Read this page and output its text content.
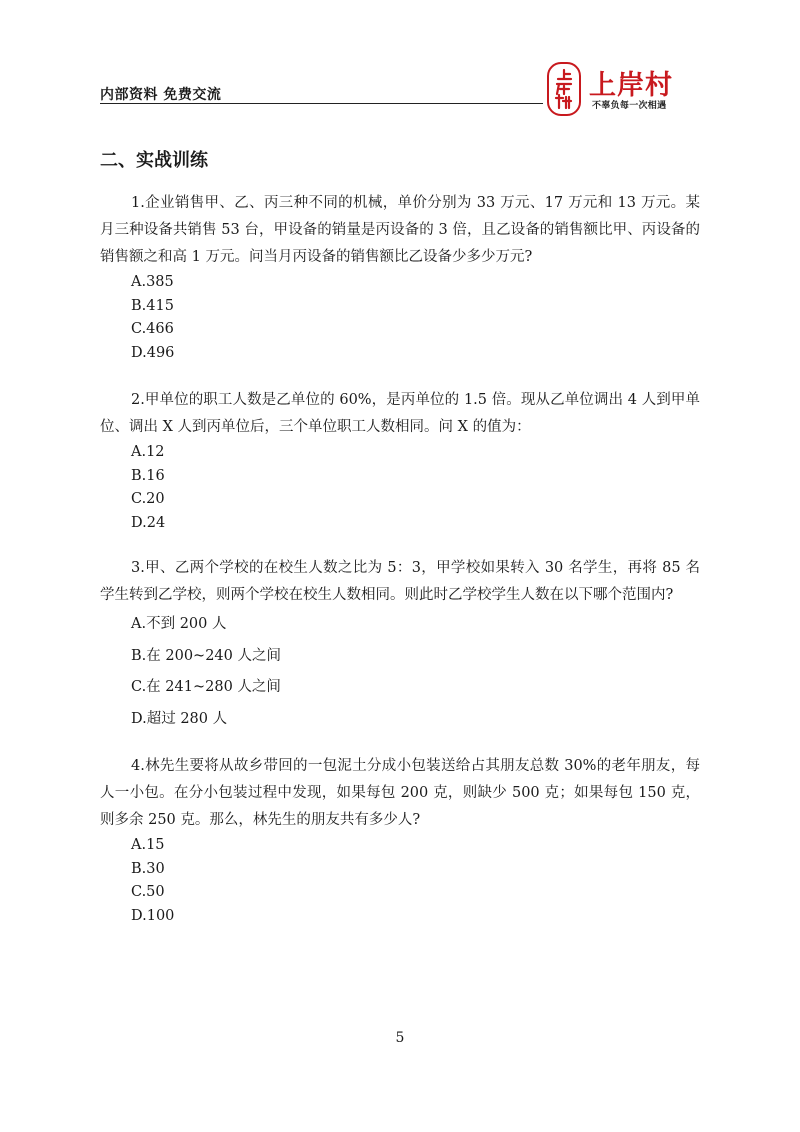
内部资料 免费交流	上岸村
不辜负每一次相遇
二、实战训练

1.企业销售甲、乙、丙三种不同的机械，单价分别为 33 万元、17 万元和 13 万元。某月三种设备共销售 53 台，甲设备的销量是丙设备的 3 倍，且乙设备的销售额比甲、丙设备的销售额之和高 1 万元。问当月丙设备的销售额比乙设备少多少万元?

A.385
B.415
C.466
D.496

2.甲单位的职工人数是乙单位的 60%，是丙单位的 1.5 倍。现从乙单位调出 4 人到甲单位、调出 X 人到丙单位后，三个单位职工人数相同。问 X 的值为：

A.12
B.16
C.20
D.24

3.甲、乙两个学校的在校生人数之比为 5：3，甲学校如果转入 30 名学生，再将 85 名学生转到乙学校，则两个学校在校生人数相同。则此时乙学校学生人数在以下哪个范围内?

A.不到 200 人
B.在 200~240 人之间
C.在 241~280 人之间
D.超过 280 人

4.林先生要将从故乡带回的一包泥土分成小包装送给占其朋友总数 30%的老年朋友，每人一小包。在分小包装过程中发现，如果每包 200 克，则缺少 500 克；如果每包 150 克，则多余 250 克。那么，林先生的朋友共有多少人?

A.15
B.30
C.50
D.100
5
